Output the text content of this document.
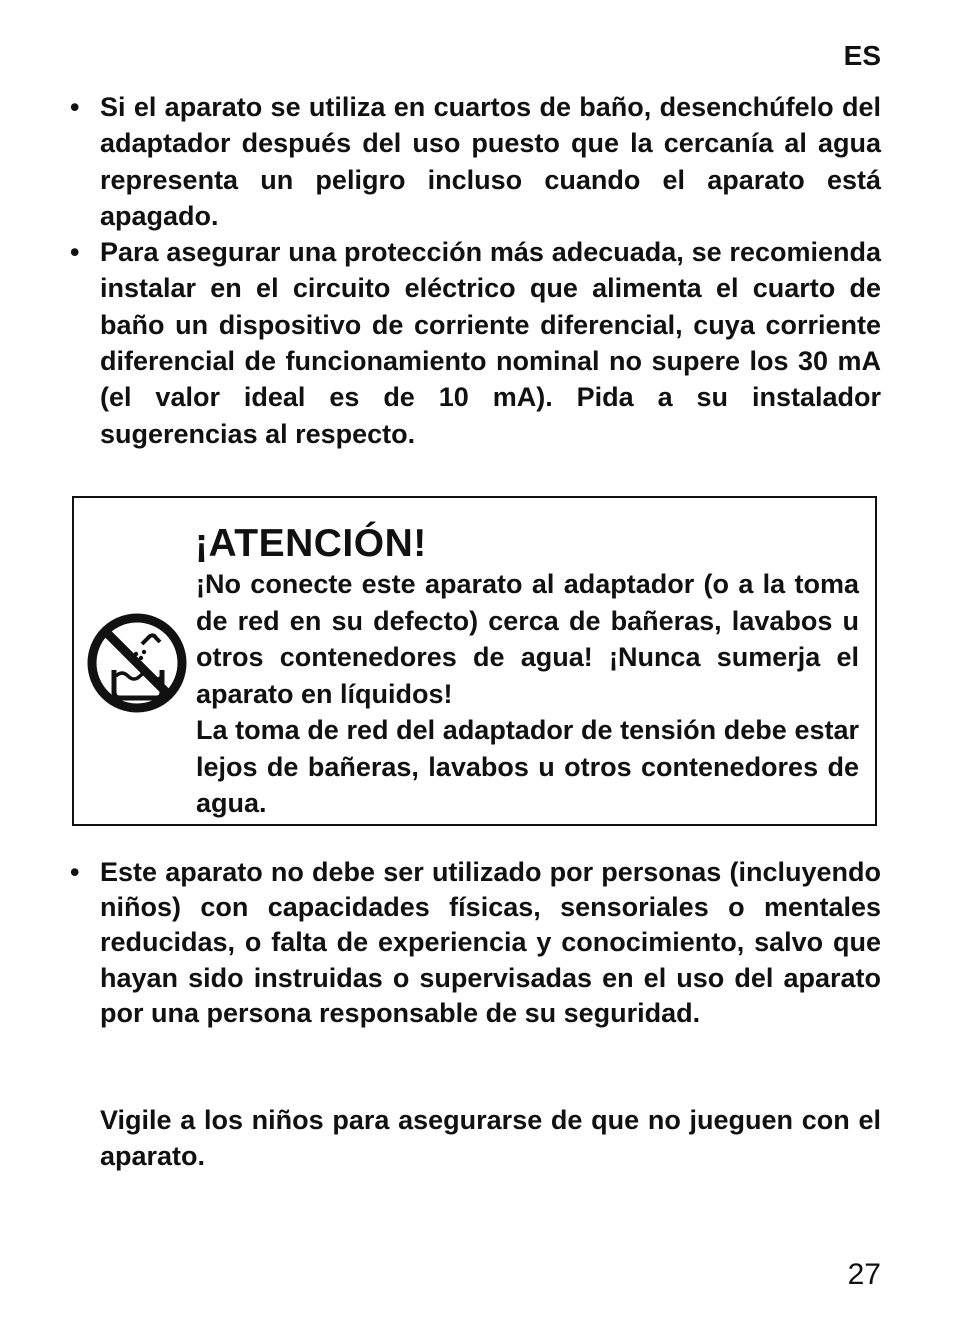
ES
• Si el aparato se utiliza en cuartos de baño, desenchúfelo del adaptador después del uso puesto que la cercanía al agua representa un peligro incluso cuando el aparato está apagado.
• Para asegurar una protección más adecuada, se recomienda instalar en el circuito eléctrico que alimenta el cuarto de baño un dispositivo de corriente diferencial, cuya corriente diferencial de funcionamiento nominal no supere los 30 mA (el valor ideal es de 10 mA). Pida a su instalador sugerencias al respecto.
¡ATENCIÓN!

¡No conecte este aparato al adaptador (o a la toma de red en su defecto) cerca de bañeras, lavabos u otros contenedores de agua! ¡Nunca sumerja el aparato en líquidos!

La toma de red del adaptador de tensión debe estar lejos de bañeras, lavabos u otros contenedores de agua.

• Este aparato no debe ser utilizado por personas (incluyendo niños) con capacidades físicas, sensoriales o mentales reducidas, o falta de experiencia y conocimiento, salvo que hayan sido instruidas o supervisadas en el uso del aparato por una persona responsable de su seguridad.
Vigile a los niños para asegurarse de que no jueguen con el aparato.
27
